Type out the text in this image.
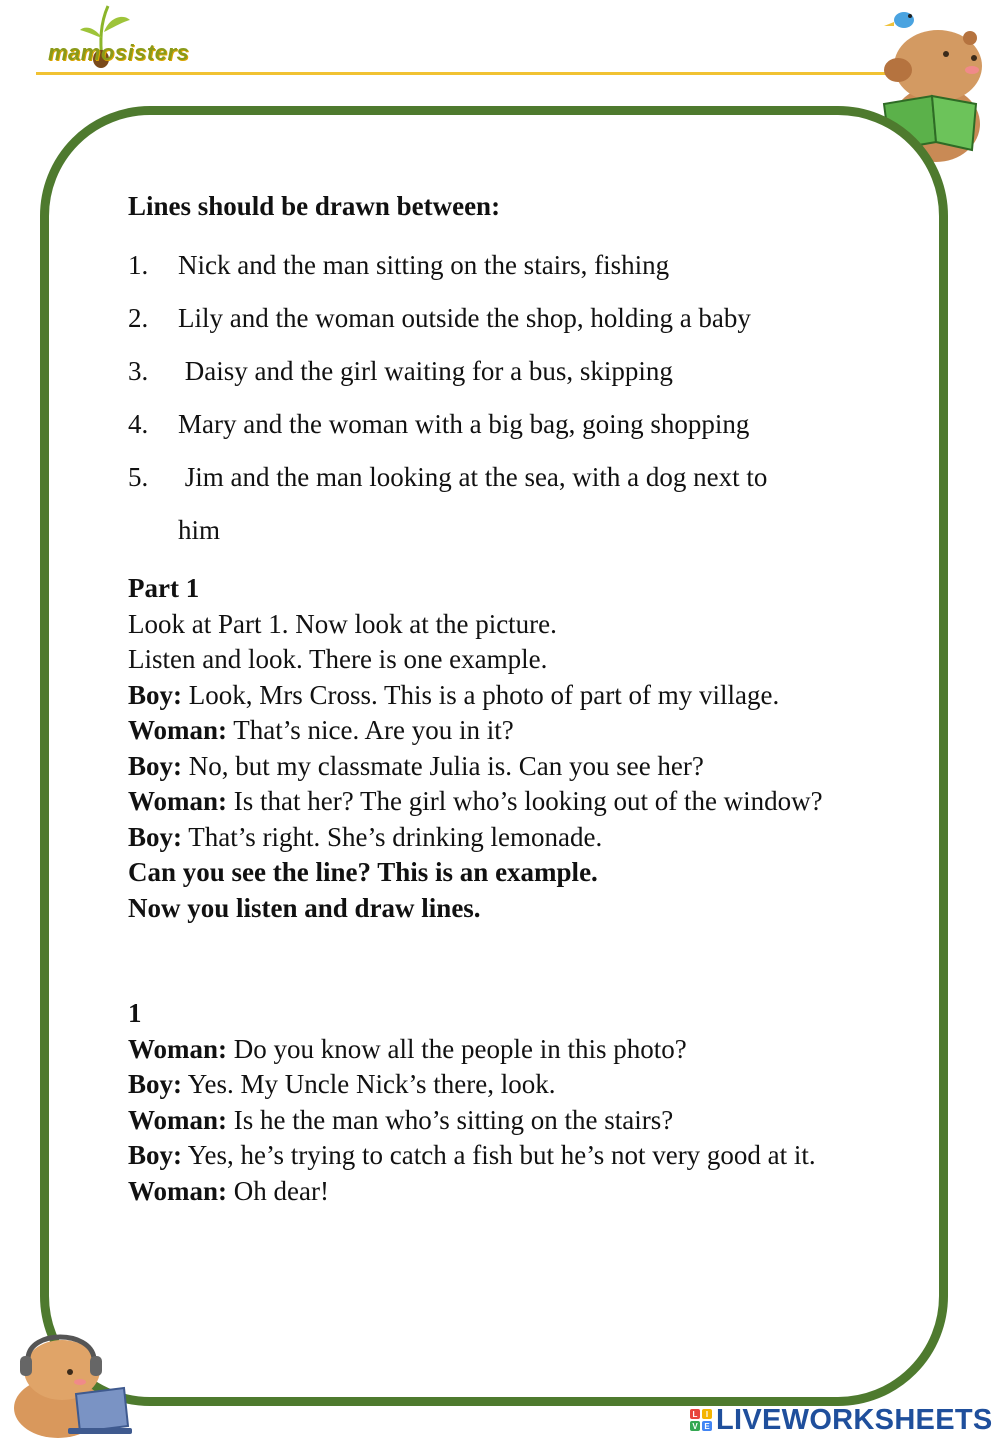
mamosisters
Lines should be drawn between:
1.	Nick and the man sitting on the stairs, fishing
2.	Lily and the woman outside the shop, holding a baby
3.	Daisy and the girl waiting for a bus, skipping
4.	Mary and the woman with a big bag, going shopping
5.	Jim and the man looking at the sea, with a dog next to
him

Part 1

Look at Part 1. Now look at the picture.

Listen and look. There is one example.

Boy: Look, Mrs Cross. This is a photo of part of my village.

Woman: That’s nice. Are you in it?

Boy: No, but my classmate Julia is. Can you see her?

Woman: Is that her? The girl who’s looking out of the window?

Boy: That’s right. She’s drinking lemonade.

Can you see the line? This is an example.

Now you listen and draw lines.

1

Woman: Do you know all the people in this photo?

Boy: Yes. My Uncle Nick’s there, look.

Woman: Is he the man who’s sitting on the stairs?

Boy: Yes, he’s trying to catch a fish but he’s not very good at it.

Woman: Oh dear!

L	I
V E LIVEWORKSHEETS
